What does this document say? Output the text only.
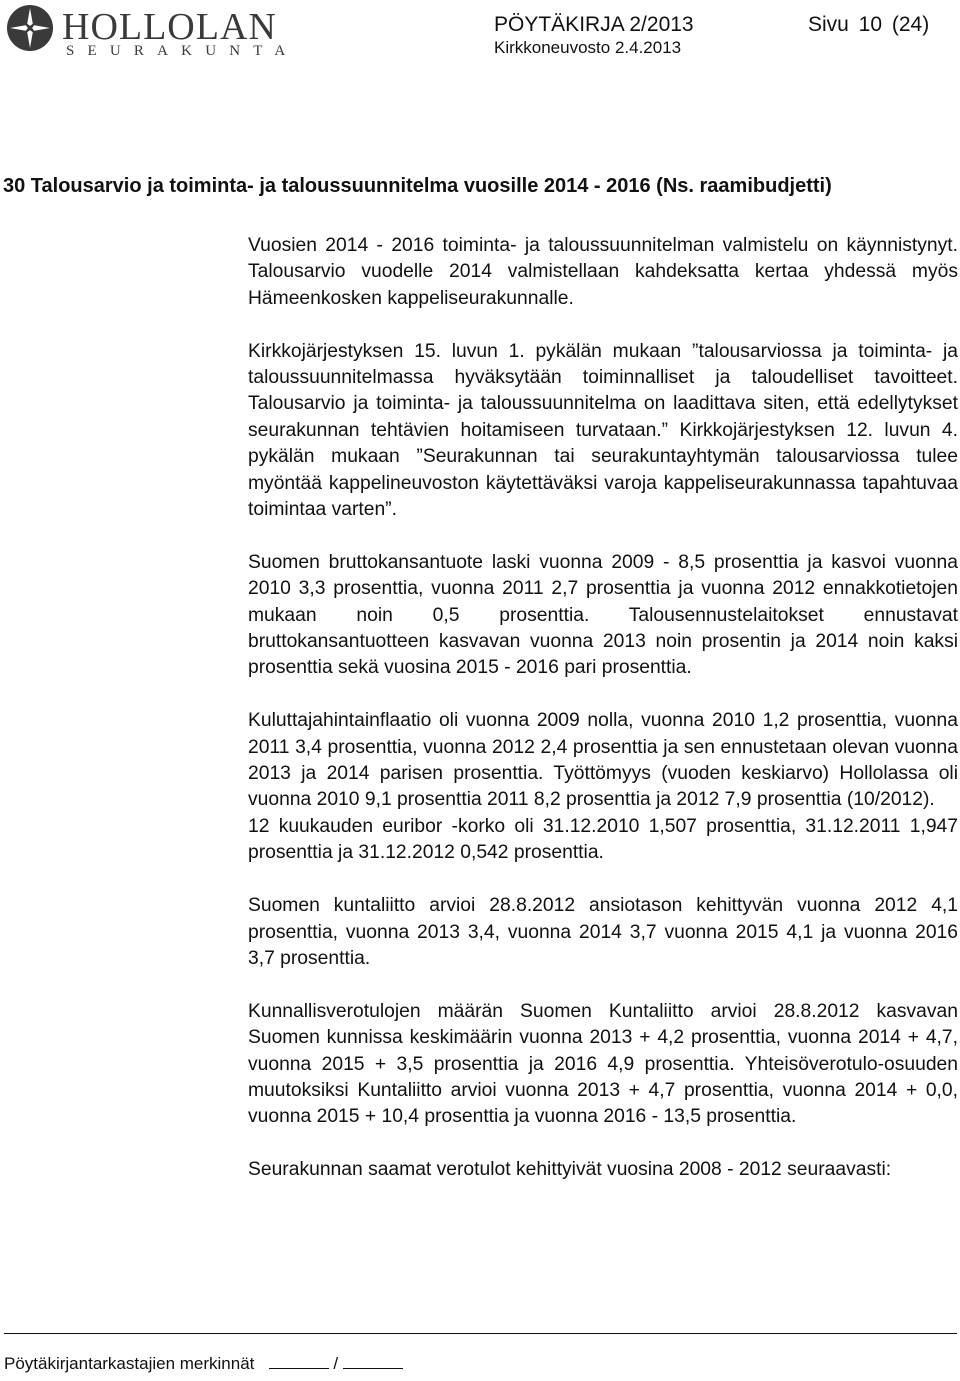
HOLLOLAN
SEURAKUNTA
PÖYTÄKIRJA 2/2013
Kirkkoneuvosto 2.4.2013
Sivu 10 (24)
30 Talousarvio ja toiminta- ja taloussuunnitelma vuosille 2014 - 2016 (Ns. raamibudjetti)

Vuosien 2014 - 2016 toiminta- ja taloussuunnitelman valmistelu on käynnistynyt. Talousarvio vuodelle 2014 valmistellaan kahdeksatta kertaa yhdessä myös Hämeenkosken kappeliseurakunnalle.

Kirkkojärjestyksen 15. luvun 1. pykälän mukaan ”talousarviossa ja toiminta- ja taloussuunnitelmassa hyväksytään toiminnalliset ja taloudelliset tavoitteet. Talousarvio ja toiminta- ja taloussuunnitelma on laadittava siten, että edellytykset seurakunnan tehtävien hoitamiseen turvataan.” Kirkkojärjestyksen 12. luvun 4. pykälän mukaan ”Seurakunnan tai seurakuntayhtymän talousarviossa tulee myöntää kappelineuvoston käytettäväksi varoja kappeliseurakunnassa tapahtuvaa toimintaa varten”.

Suomen bruttokansantuote laski vuonna 2009 - 8,5 prosenttia ja kasvoi vuonna 2010 3,3 prosenttia, vuonna 2011 2,7 prosenttia ja vuonna 2012 ennakkotietojen mukaan noin 0,5 prosenttia. Talousennustelaitokset ennustavat bruttokansantuotteen kasvavan vuonna 2013 noin prosentin ja 2014 noin kaksi prosenttia sekä vuosina 2015 - 2016 pari prosenttia.

Kuluttajahintainflaatio oli vuonna 2009 nolla, vuonna 2010 1,2 prosenttia, vuonna 2011 3,4 prosenttia, vuonna 2012 2,4 prosenttia ja sen ennustetaan olevan vuonna 2013 ja 2014 parisen prosenttia. Työttömyys (vuoden keskiarvo) Hollolassa oli vuonna 2010 9,1 prosenttia 2011 8,2 prosenttia ja 2012 7,9 prosenttia (10/2012).

12 kuukauden euribor -korko oli 31.12.2010 1,507 prosenttia, 31.12.2011 1,947 prosenttia ja 31.12.2012 0,542 prosenttia.

Suomen kuntaliitto arvioi 28.8.2012 ansiotason kehittyvän vuonna 2012 4,1 prosenttia, vuonna 2013 3,4, vuonna 2014 3,7 vuonna 2015 4,1 ja vuonna 2016 3,7 prosenttia.

Kunnallisverotulojen määrän Suomen Kuntaliitto arvioi 28.8.2012 kasvavan Suomen kunnissa keskimäärin vuonna 2013 + 4,2 prosenttia, vuonna 2014 + 4,7, vuonna 2015 + 3,5 prosenttia ja 2016 4,9 prosenttia. Yhteisöverotulo-osuuden muutoksiksi Kuntaliitto arvioi vuonna 2013 + 4,7 prosenttia, vuonna 2014 + 0,0, vuonna 2015 + 10,4 prosenttia ja vuonna 2016 - 13,5 prosenttia.

Seurakunnan saamat verotulot kehittyivät vuosina 2008 - 2012 seuraavasti:

Pöytäkirjantarkastajien merkinnät	/
